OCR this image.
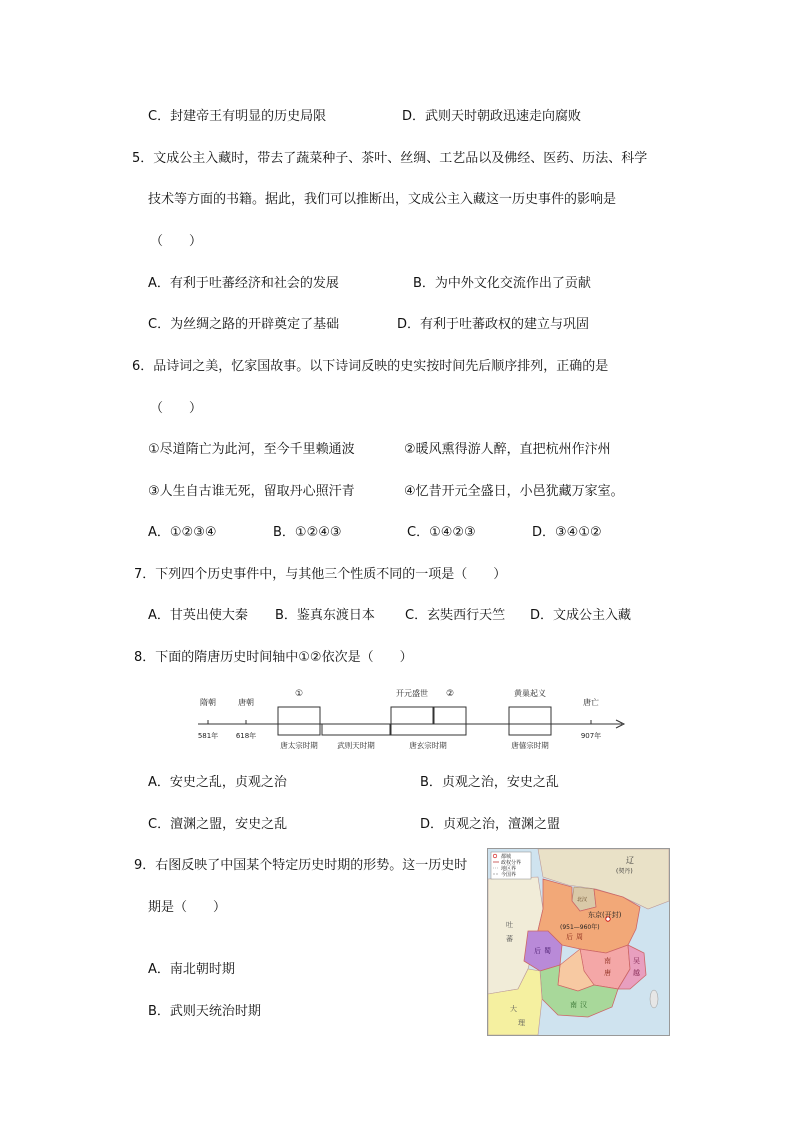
C．封建帝王有明显的历史局限	D．武则天时朝政迅速走向腐败
5．文成公主入藏时，带去了蔬菜种子、茶叶、丝绸、工艺品以及佛经、医药、历法、科学
技术等方面的书籍。据此，我们可以推断出，文成公主入藏这一历史事件的影响是
（　　）
A．有利于吐蕃经济和社会的发展	B．为中外文化交流作出了贡献
C．为丝绸之路的开辟奠定了基础	D．有利于吐蕃政权的建立与巩固
6．品诗词之美，忆家国故事。以下诗词反映的史实按时间先后顺序排列，正确的是
（　　）
①尽道隋亡为此河，至今千里赖通波	②暖风熏得游人醉，直把杭州作汴州
③人生自古谁无死，留取丹心照汗青	④忆昔开元全盛日，小邑犹藏万家室。
A．①②③④	B．①②④③	C．①④②③	D．③④①②
7．下列四个历史事件中，与其他三个性质不同的一项是（　　）
A．甘英出使大秦 B．鉴真东渡日本 C．玄奘西行天竺 D．文成公主入藏
8．下面的隋唐历史时间轴中①②依次是（　　）
隋朝	唐朝
①	开元盛世 ②	黄巢起义
唐亡
581年	618年	907年
唐太宗时期	武则天时期	唐玄宗时期	唐僖宗时期
A．安史之乱，贞观之治	B．贞观之治，安史之乱
C．澶渊之盟，安史之乱	D．贞观之治，澶渊之盟
9．右图反映了中国某个特定历史时期的形势。这一历史时
期是（　　）
A．南北朝时期
B．武则天统治时期
都城
政权分界
地区界
今国界
辽
(契丹)
北汉
东京(开封)
(951—960年)
后 周
后 蜀
南
唐
吴
越
南 汉
吐
蕃
大
理
